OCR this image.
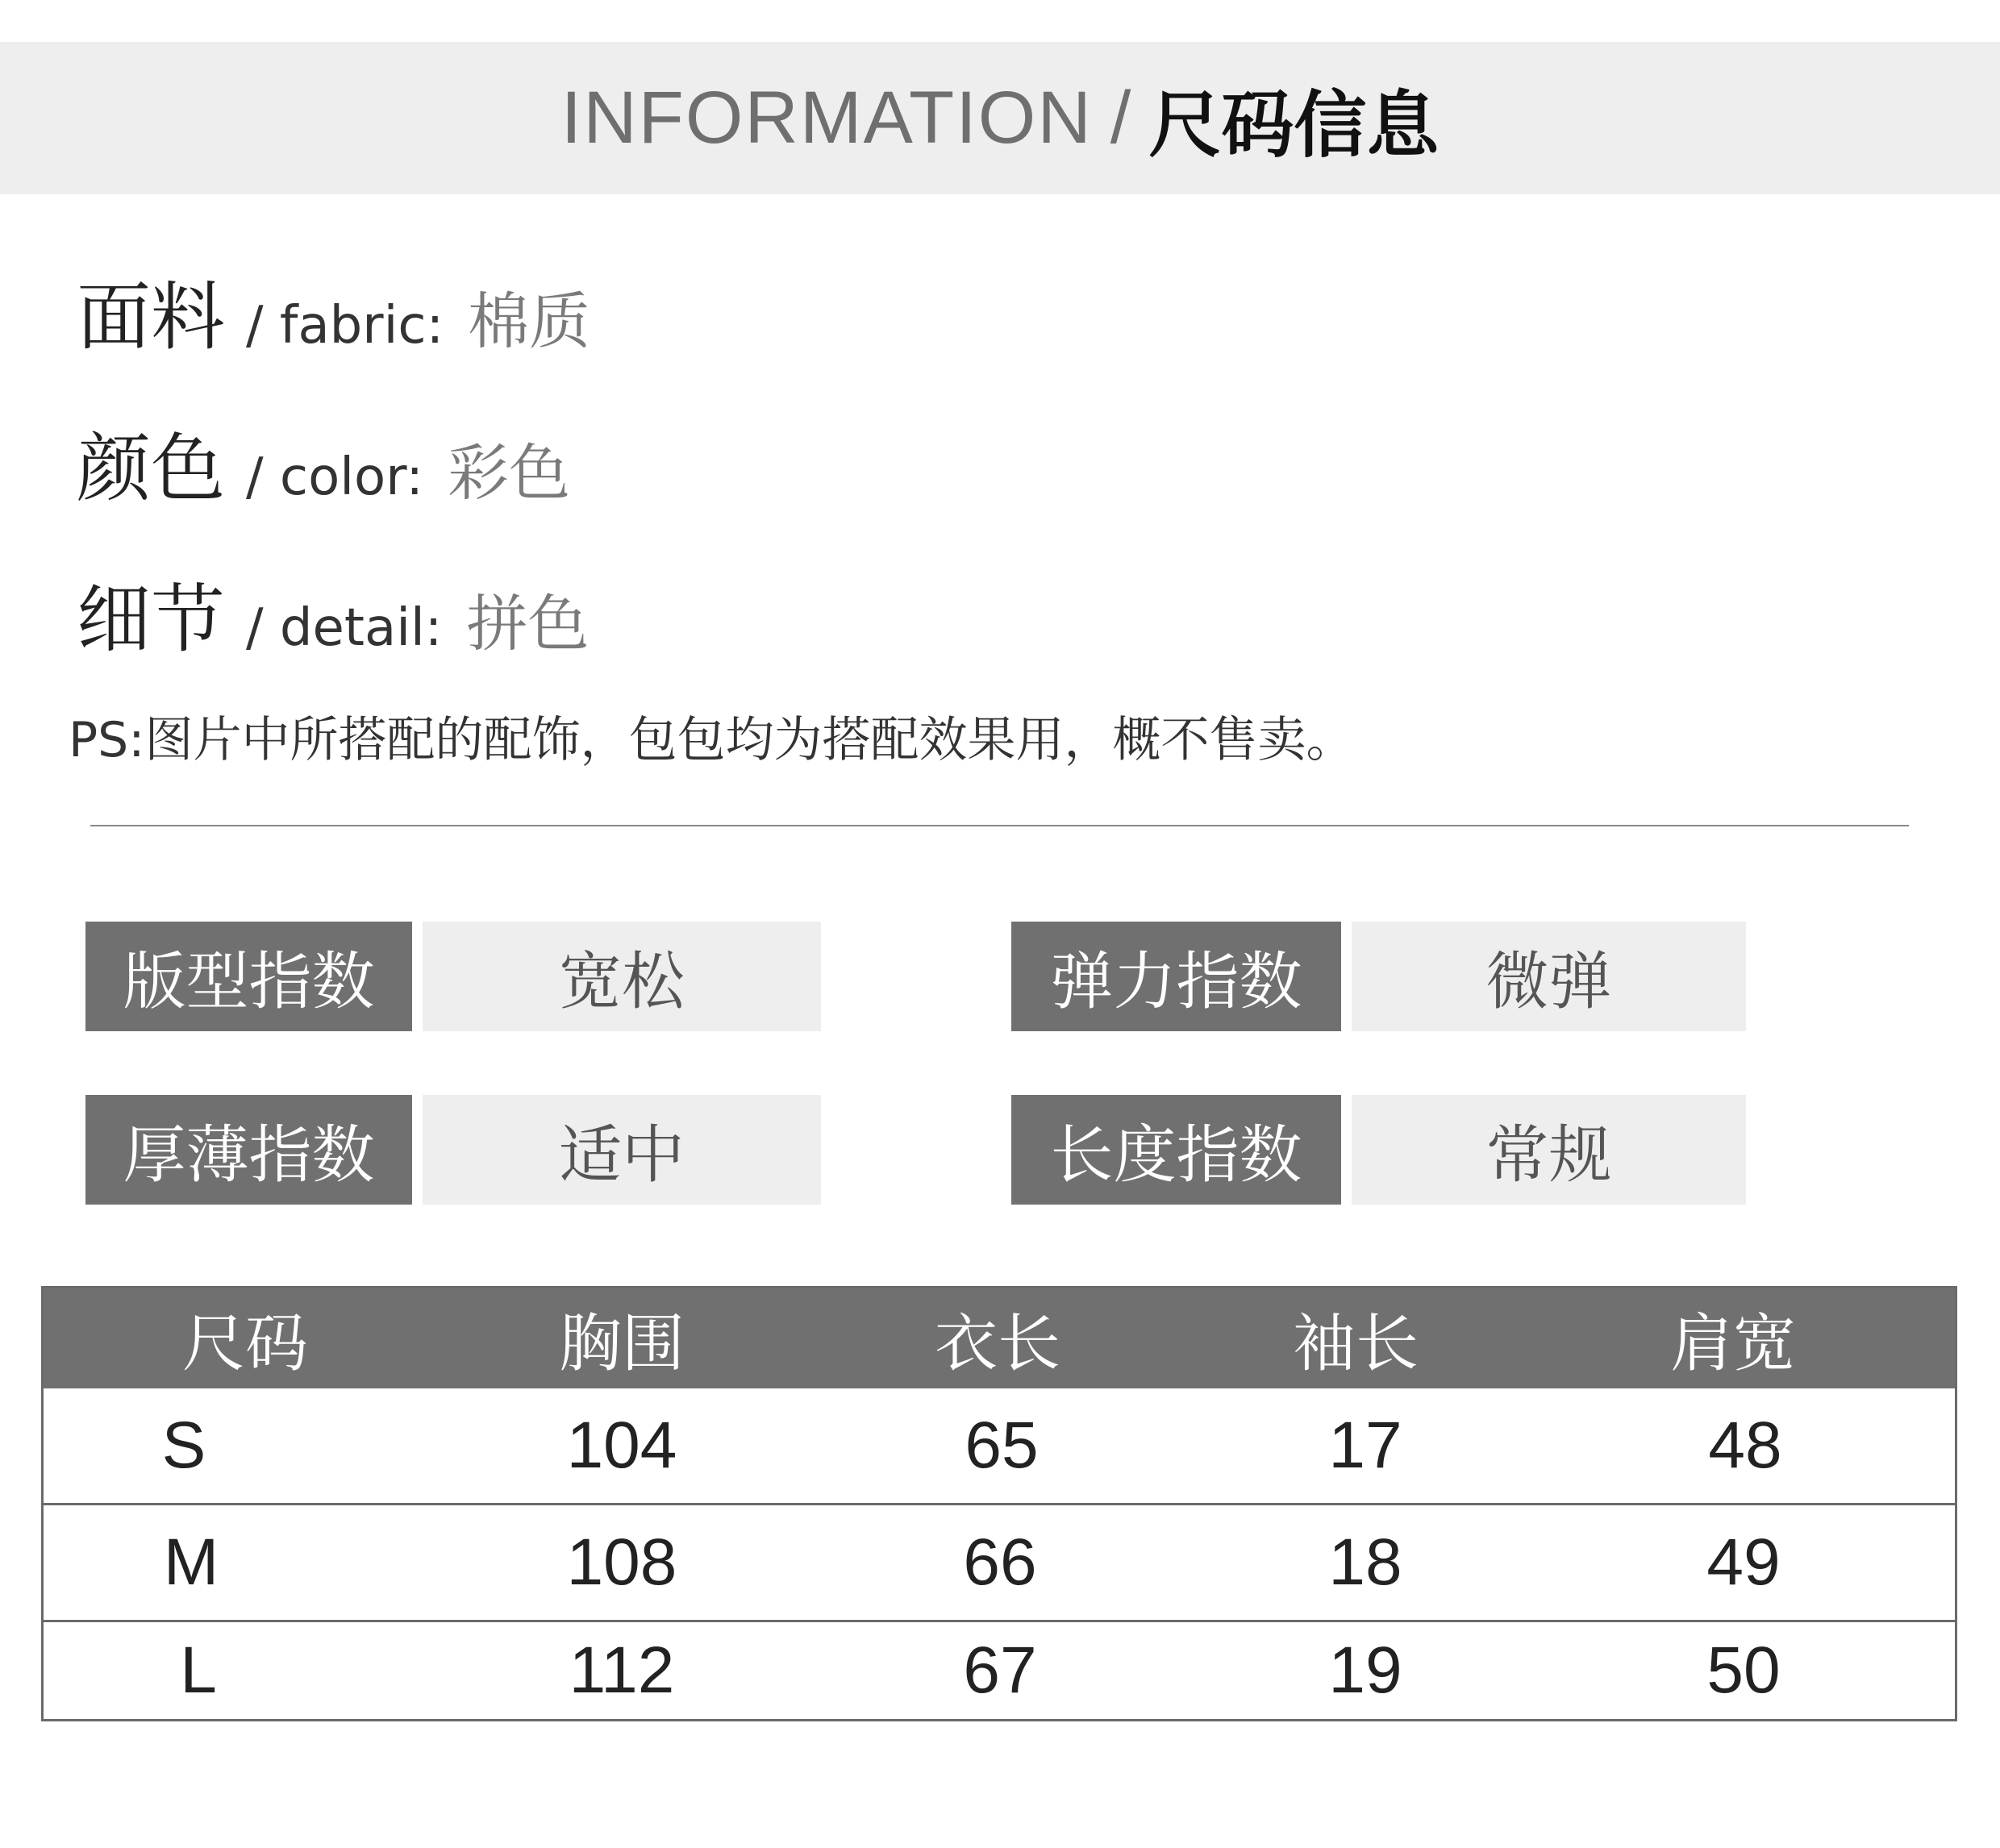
INFORMATION / 尺码信息
面料 / fabric: 棉质
颜色 / color: 彩色
细节 / detail: 拼色
PS:图片中所搭配的配饰，包包均为搭配效果用，概不售卖。
版型指数	宽松	弹力指数	微弹
厚薄指数	适中	长度指数	常规
尺码	胸围	衣长	袖长	肩宽
S	104	65	17	48
M	108	66	18	49
L	112	67	19	50
